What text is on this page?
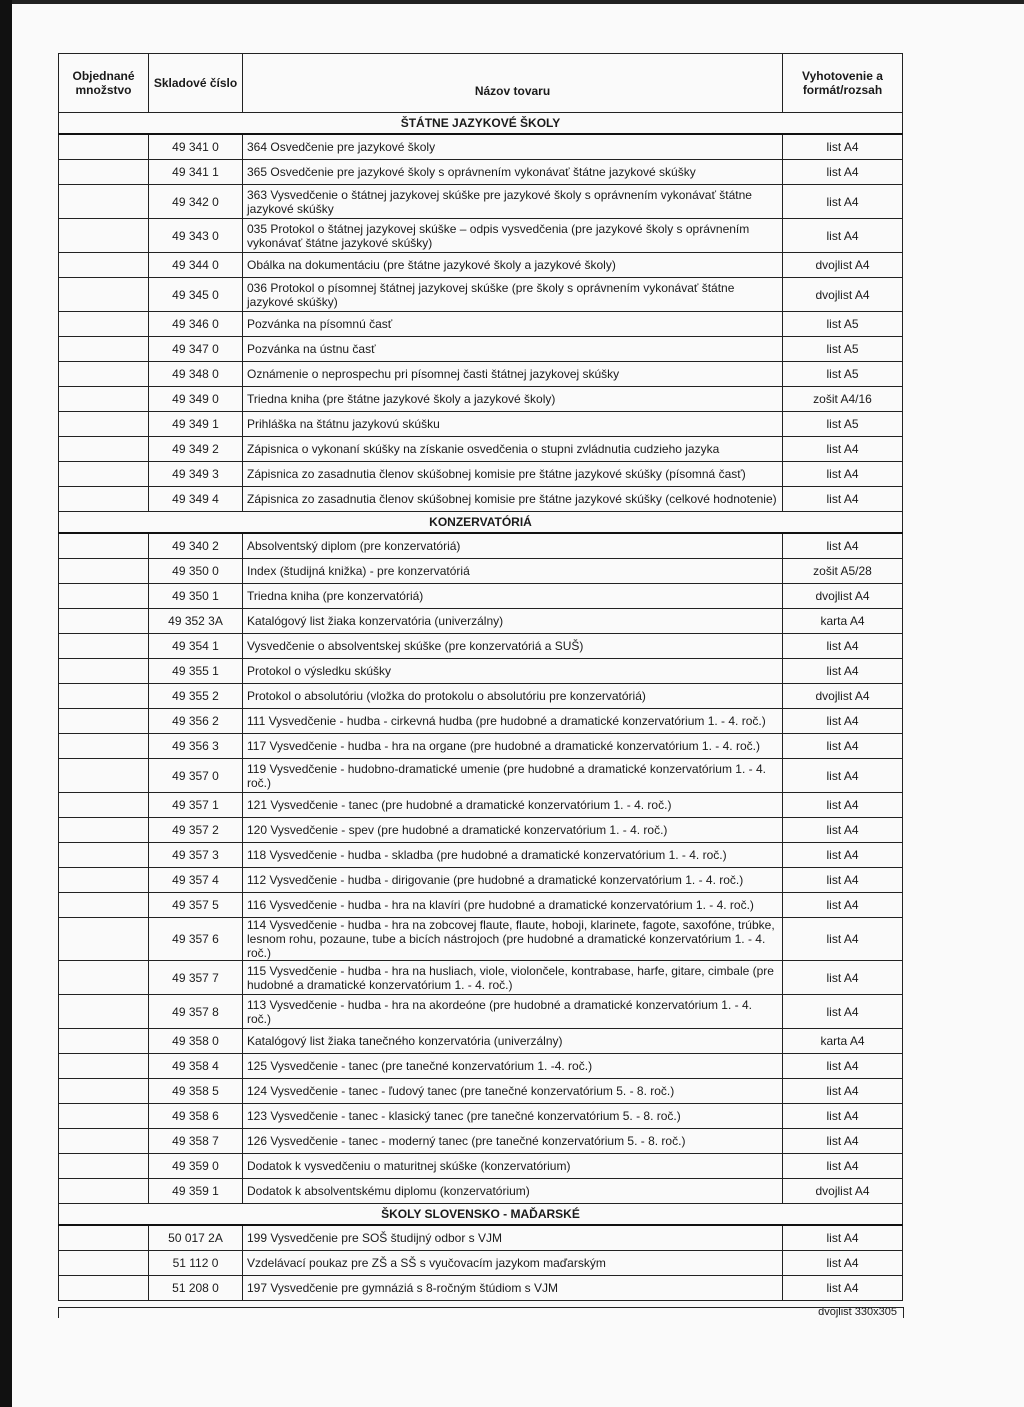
Objednané množstvo	Skladové číslo	Názov tovaru	Vyhotovenie a formát/rozsah
ŠTÁTNE JAZYKOVÉ ŠKOLY			
	49 341 0	364 Osvedčenie pre jazykové školy	list A4
	49 341 1	365 Osvedčenie pre jazykové školy s oprávnením vykonávať štátne jazykové skúšky	list A4
	49 342 0	363 Vysvedčenie o štátnej jazykovej skúške pre jazykové školy s oprávnením vykonávať štátne jazykové skúšky	list A4
	49 343 0	035 Protokol o štátnej jazykovej skúške – odpis vysvedčenia (pre jazykové školy s oprávnením vykonávať štátne jazykové skúšky)	list A4
	49 344 0	Obálka na dokumentáciu (pre štátne jazykové školy a jazykové školy)	dvojlist A4
	49 345 0	036 Protokol o písomnej štátnej jazykovej skúške (pre školy s oprávnením vykonávať štátne jazykové skúšky)	dvojlist A4
	49 346 0	Pozvánka na písomnú časť	list A5
	49 347 0	Pozvánka na ústnu časť	list A5
	49 348 0	Oznámenie o neprospechu pri písomnej časti štátnej jazykovej skúšky	list A5
	49 349 0	Triedna kniha (pre štátne jazykové školy a jazykové školy)	zošit A4/16
	49 349 1	Prihláška na štátnu jazykovú skúšku	list A5
	49 349 2	Zápisnica o vykonaní skúšky na získanie osvedčenia o stupni zvládnutia cudzieho jazyka	list A4
	49 349 3	Zápisnica zo zasadnutia členov skúšobnej komisie pre štátne jazykové skúšky (písomná časť)	list A4
	49 349 4	Zápisnica zo zasadnutia členov skúšobnej komisie pre štátne jazykové skúšky (celkové hodnotenie)	list A4
KONZERVATÓRIÁ			
	49 340 2	Absolventský diplom (pre konzervatóriá)	list A4
	49 350 0	Index (študijná knižka) - pre konzervatóriá	zošit A5/28
	49 350 1	Triedna kniha (pre konzervatóriá)	dvojlist A4
	49 352 3A	Katalógový list žiaka konzervatória (univerzálny)	karta A4
	49 354 1	Vysvedčenie o absolventskej skúške (pre konzervatóriá a SUŠ)	list A4
	49 355 1	Protokol o výsledku skúšky	list A4
	49 355 2	Protokol o absolutóriu (vložka do protokolu o absolutóriu pre konzervatóriá)	dvojlist A4
	49 356 2	111 Vysvedčenie - hudba - cirkevná hudba (pre hudobné a dramatické konzervatórium 1. - 4. roč.)	list A4
	49 356 3	117 Vysvedčenie - hudba - hra na organe (pre hudobné a dramatické konzervatórium 1. - 4. roč.)	list A4
	49 357 0	119 Vysvedčenie - hudobno-dramatické umenie (pre hudobné a dramatické konzervatórium 1. - 4. roč.)	list A4
	49 357 1	121 Vysvedčenie - tanec (pre hudobné a dramatické konzervatórium 1. - 4. roč.)	list A4
	49 357 2	120 Vysvedčenie - spev (pre hudobné a dramatické konzervatórium 1. - 4. roč.)	list A4
	49 357 3	118 Vysvedčenie - hudba - skladba (pre hudobné a dramatické konzervatórium 1. - 4. roč.)	list A4
	49 357 4	112 Vysvedčenie - hudba - dirigovanie (pre hudobné a dramatické konzervatórium 1. - 4. roč.)	list A4
	49 357 5	116 Vysvedčenie - hudba - hra na klavíri (pre hudobné a dramatické konzervatórium 1. - 4. roč.)	list A4
	49 357 6	114 Vysvedčenie - hudba - hra na zobcovej flaute, flaute, hoboji, klarinete, fagote, saxofóne, trúbke, lesnom rohu, pozaune, tube a bicích nástrojoch (pre hudobné a dramatické konzervatórium 1. - 4. roč.)	list A4
	49 357 7	115 Vysvedčenie - hudba - hra na husliach, viole, violončele, kontrabase, harfe, gitare, cimbale (pre hudobné a dramatické konzervatórium 1. - 4. roč.)	list A4
	49 357 8	113 Vysvedčenie - hudba - hra na akordeóne (pre hudobné a dramatické konzervatórium 1. - 4. roč.)	list A4
	49 358 0	Katalógový list žiaka tanečného konzervatória (univerzálny)	karta A4
	49 358 4	125 Vysvedčenie - tanec (pre tanečné konzervatórium 1. -4. roč.)	list A4
	49 358 5	124 Vysvedčenie - tanec - ľudový tanec (pre tanečné konzervatórium 5. - 8. roč.)	list A4
	49 358 6	123 Vysvedčenie - tanec - klasický tanec (pre tanečné konzervatórium 5. - 8. roč.)	list A4
	49 358 7	126 Vysvedčenie - tanec - moderný tanec (pre tanečné konzervatórium 5. - 8. roč.)	list A4
	49 359 0	Dodatok k vysvedčeniu o maturitnej skúške (konzervatórium)	list A4
	49 359 1	Dodatok k absolventskému diplomu (konzervatórium)	dvojlist A4
ŠKOLY SLOVENSKO - MAĎARSKÉ			
	50 017 2A	199 Vysvedčenie pre SOŠ študijný odbor s VJM	list A4
	51 112 0	Vzdelávací poukaz pre ZŠ a SŠ s vyučovacím jazykom maďarským	list A4
	51 208 0	197 Vysvedčenie pre gymnáziá s 8-ročným štúdiom s VJM	list A4
dvojlist 330x305
